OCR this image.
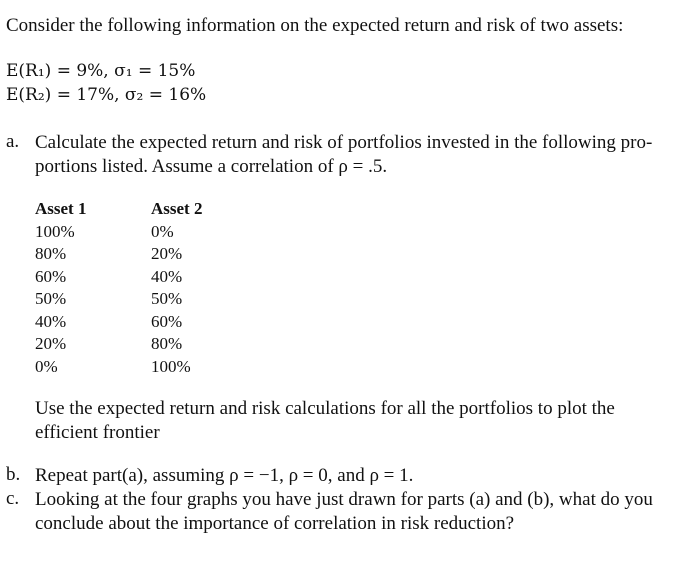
Consider the following information on the expected return and risk of two assets:
E(R₁) = 9%, σ₁ = 15%
E(R₂) = 17%, σ₂ = 16%
a. Calculate the expected return and risk of portfolios invested in the following pro-portions listed. Assume a correlation of ρ = .5.
Asset 1
100%
80%
60%
50%
40%
20%
0%
Asset 2
0%
20%
40%
50%
60%
80%
100%
Use the expected return and risk calculations for all the portfolios to plot the efficient frontier
b. Repeat part(a), assuming ρ = −1, ρ = 0, and ρ = 1.
c. Looking at the four graphs you have just drawn for parts (a) and (b), what do you conclude about the importance of correlation in risk reduction?
